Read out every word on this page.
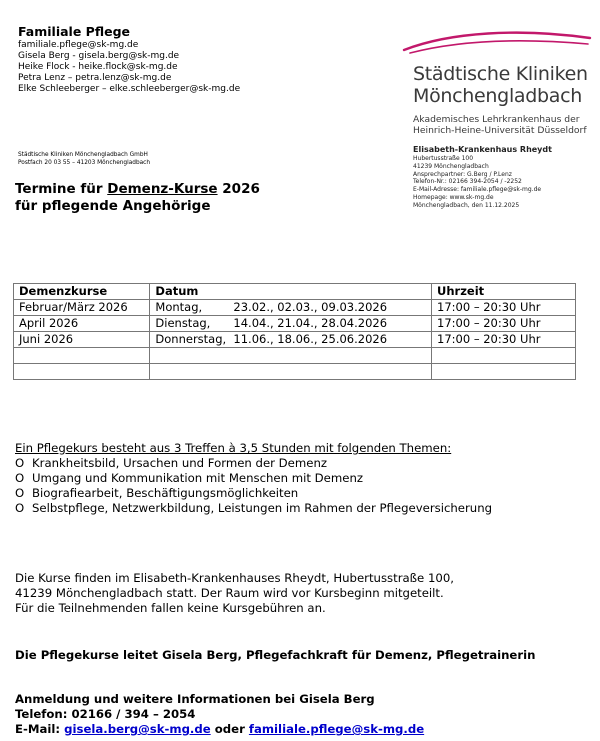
Familiale Pflege
familiale.pflege@sk-mg.de
Gisela Berg - gisela.berg@sk-mg.de
Heike Flock - heike.flock@sk-mg.de
Petra Lenz – petra.lenz@sk-mg.de
Elke Schleeberger – elke.schleeberger@sk-mg.de
Städtische Kliniken Mönchengladbach GmbH
Postfach 20 03 55 – 41203 Mönchengladbach
Städtische Kliniken
Mönchengladbach
Akademisches Lehrkrankenhaus der
Heinrich-Heine-Universität Düsseldorf
Elisabeth-Krankenhaus Rheydt
Hubertusstraße 100
41239 Mönchengladbach
Ansprechpartner: G.Berg / P.Lenz
Telefon-Nr.: 02166 394-2054 / -2252
E-Mail-Adresse: familiale.pflege@sk-mg.de
Homepage: www.sk-mg.de
Mönchengladbach, den 11.12.2025
Termine für Demenz-Kurse 2026
für pflegende Angehörige
Demenzkurse	Datum	Uhrzeit
Februar/März 2026	Montag, 23.02., 02.03., 09.03.2026	17:00 – 20:30 Uhr
April 2026	Dienstag, 14.04., 21.04., 28.04.2026	17:00 – 20:30 Uhr
Juni 2026	Donnerstag, 11.06., 18.06., 25.06.2026	17:00 – 20:30 Uhr

Ein Pflegekurs besteht aus 3 Treffen à 3,5 Stunden mit folgenden Themen:
O Krankheitsbild, Ursachen und Formen der Demenz
O Umgang und Kommunikation mit Menschen mit Demenz
O Biografiearbeit, Beschäftigungsmöglichkeiten
O Selbstpflege, Netzwerkbildung, Leistungen im Rahmen der Pflegeversicherung
Die Kurse finden im Elisabeth-Krankenhauses Rheydt, Hubertusstraße 100,
41239 Mönchengladbach statt. Der Raum wird vor Kursbeginn mitgeteilt.
Für die Teilnehmenden fallen keine Kursgebühren an.
Die Pflegekurse leitet Gisela Berg, Pflegefachkraft für Demenz, Pflegetrainerin
Anmeldung und weitere Informationen bei Gisela Berg
Telefon: 02166 / 394 – 2054
E-Mail: gisela.berg@sk-mg.de oder familiale.pflege@sk-mg.de
